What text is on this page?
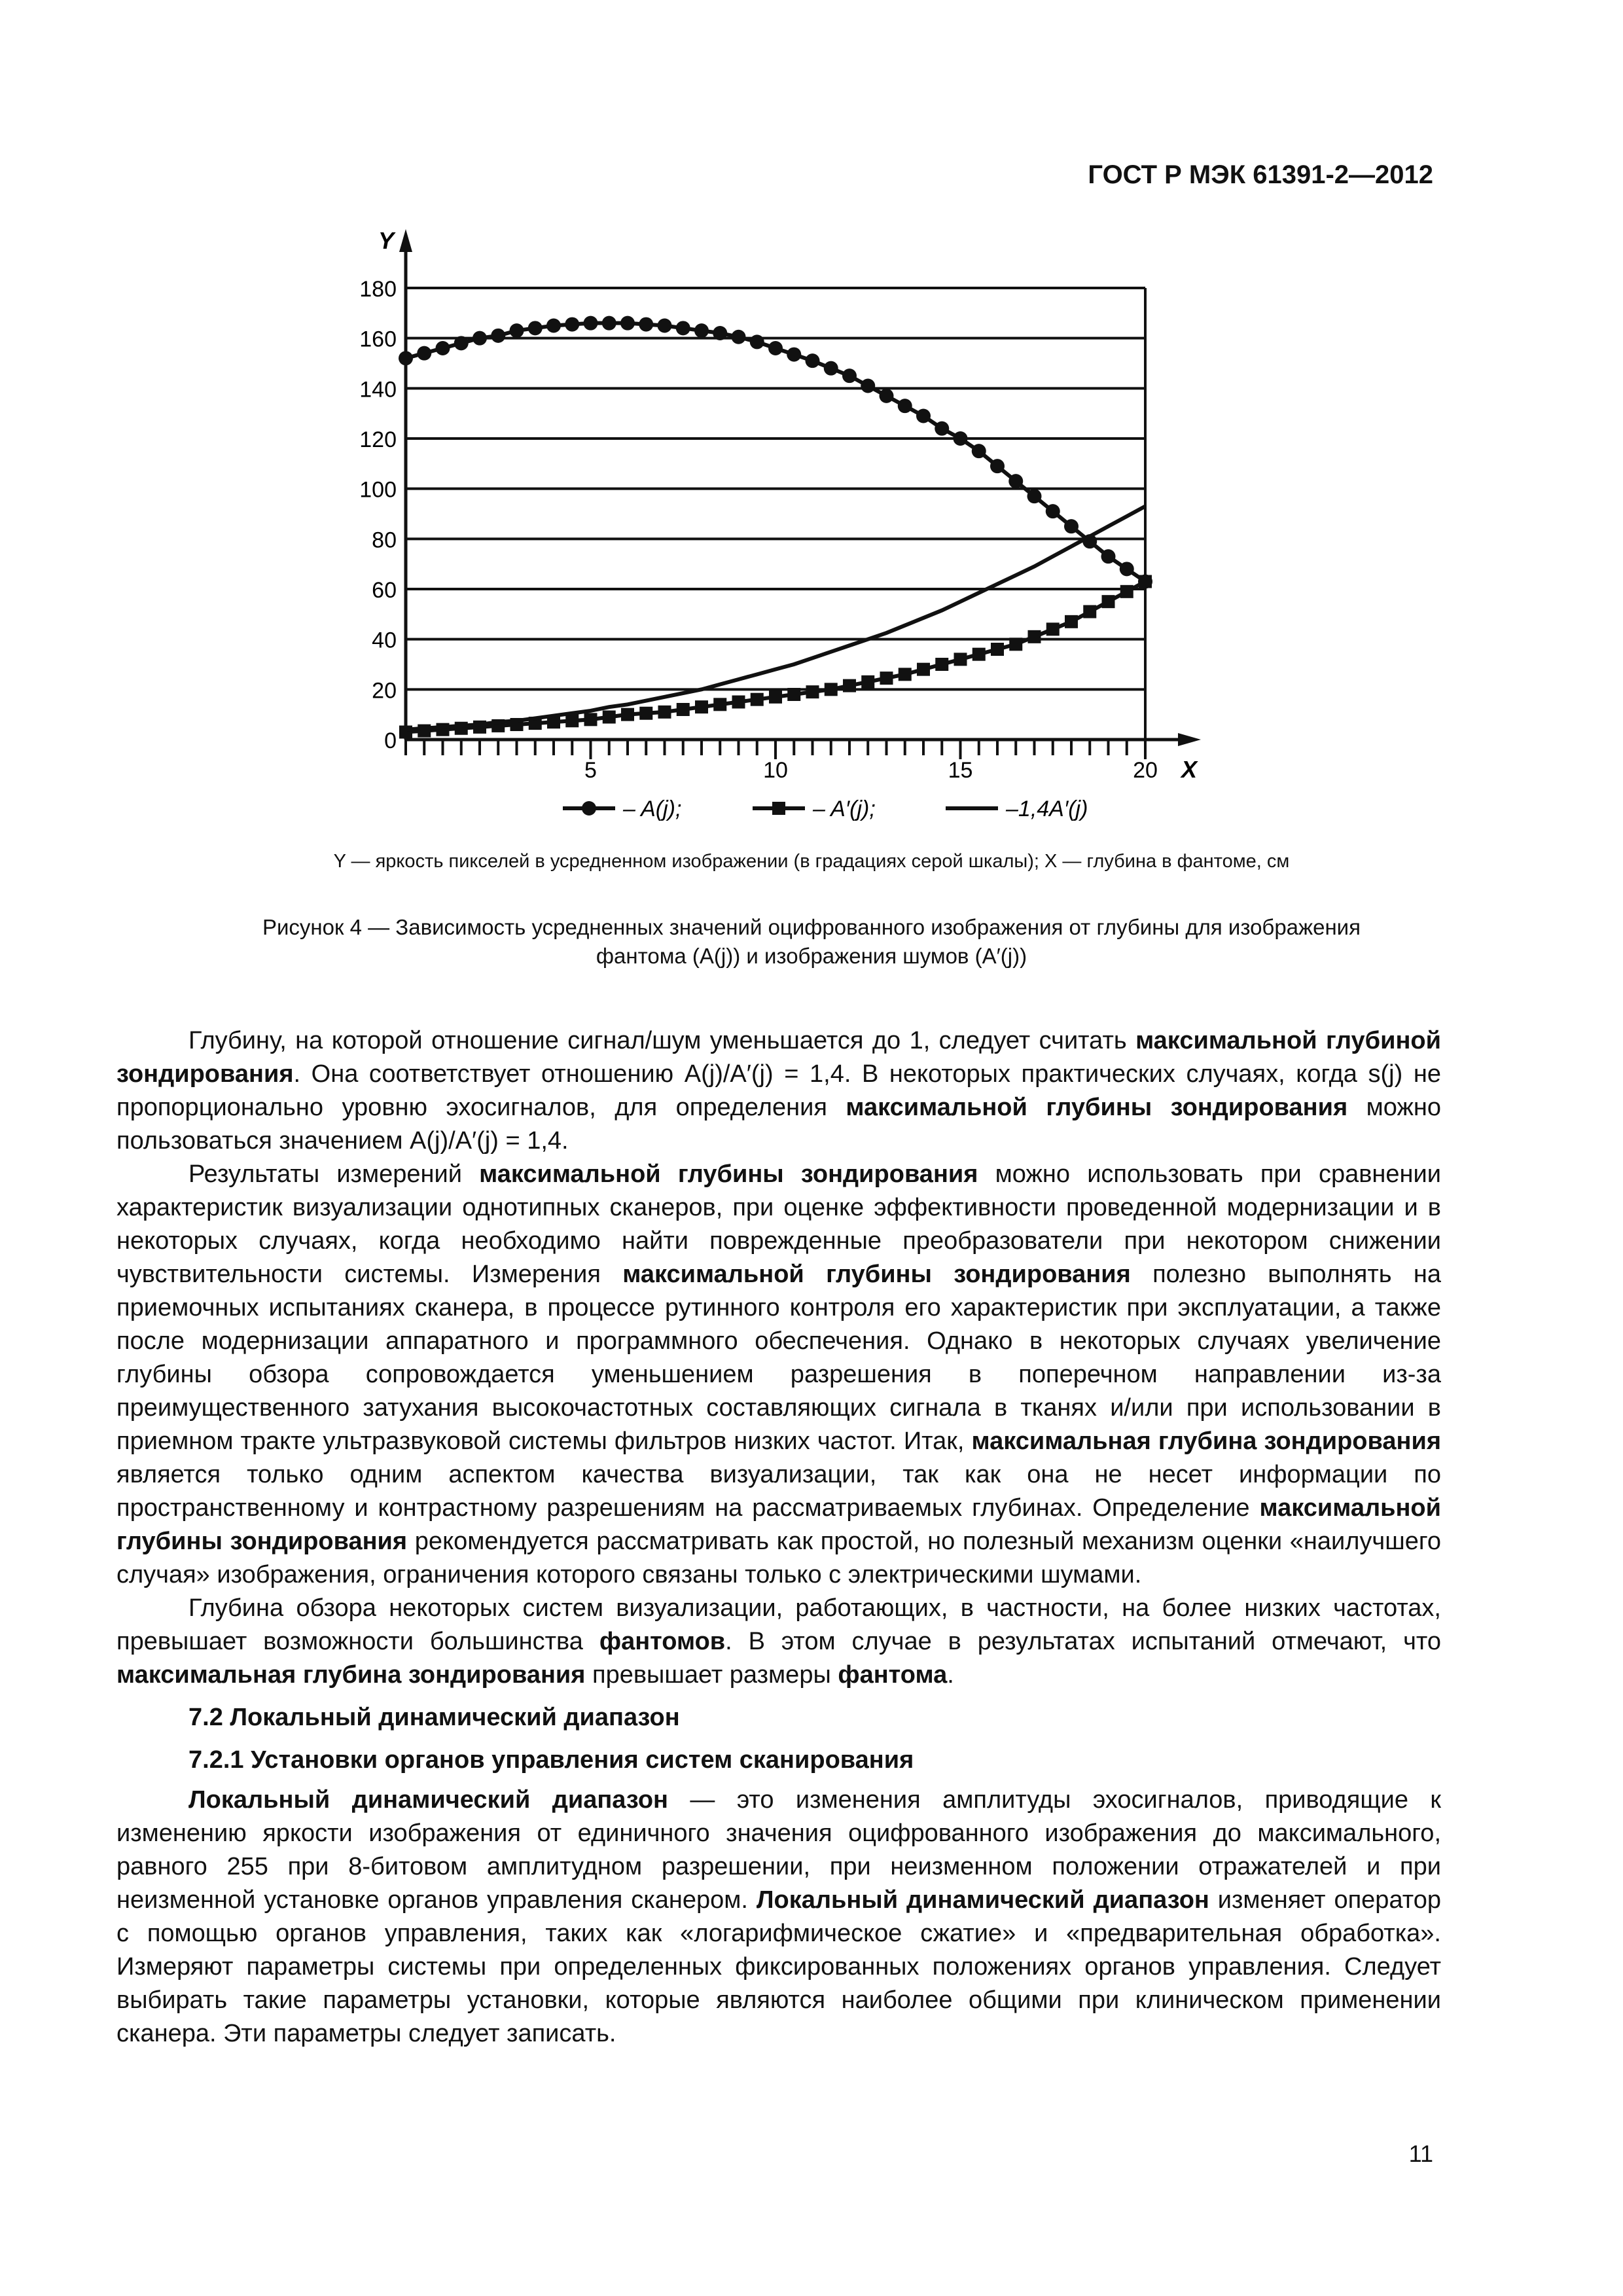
ГОСТ Р МЭК 61391-2—2012
Y
X
0
20
40
60
80
100
120
140
160
180
5	10	15	20
– A(j);	– A′(j);	–1,4A′(j)
Y — яркость пикселей в усредненном изображении (в градациях серой шкалы); X — глубина в фантоме, см
Рисунок 4 — Зависимость усредненных значений оцифрованного изображения от глубины для изображения
фантома (A(j)) и изображения шумов (A′(j))

Глубину, на которой отношение сигнал/шум уменьшается до 1, следует считать максимальной глубиной зондирования. Она соответствует отношению A(j)/A′(j) = 1,4. В некоторых практических случаях, когда s(j) не пропорционально уровню эхосигналов, для определения максимальной глубины зондирования можно пользоваться значением A(j)/A′(j) = 1,4.

Результаты измерений максимальной глубины зондирования можно использовать при сравнении характеристик визуализации однотипных сканеров, при оценке эффективности проведенной модернизации и в некоторых случаях, когда необходимо найти поврежденные преобразователи при некотором снижении чувствительности системы. Измерения максимальной глубины зондирования полезно выполнять на приемочных испытаниях сканера, в процессе рутинного контроля его характеристик при эксплуатации, а также после модернизации аппаратного и программного обеспечения. Однако в некоторых случаях увеличение глубины обзора сопровождается уменьшением разрешения в поперечном направлении из-за преимущественного затухания высокочастотных составляющих сигнала в тканях и/или при использовании в приемном тракте ультразвуковой системы фильтров низких частот. Итак, максимальная глубина зондирования является только одним аспектом качества визуализации, так как она не несет информации по пространственному и контрастному разрешениям на рассматриваемых глубинах. Определение максимальной глубины зондирования рекомендуется рассматривать как простой, но полезный механизм оценки «наилучшего случая» изображения, ограничения которого связаны только с электрическими шумами.

Глубина обзора некоторых систем визуализации, работающих, в частности, на более низких частотах, превышает возможности большинства фантомов. В этом случае в результатах испытаний отмечают, что максимальная глубина зондирования превышает размеры фантома.

7.2 Локальный динамический диапазон
7.2.1 Установки органов управления систем сканирования

Локальный динамический диапазон — это изменения амплитуды эхосигналов, приводящие к изменению яркости изображения от единичного значения оцифрованного изображения до максимального, равного 255 при 8-битовом амплитудном разрешении, при неизменном положении отражателей и при неизменной установке органов управления сканером. Локальный динамический диапазон изменяет оператор с помощью органов управления, таких как «логарифмическое сжатие» и «предварительная обработка». Измеряют параметры системы при определенных фиксированных положениях органов управления. Следует выбирать такие параметры установки, которые являются наиболее общими при клиническом применении сканера. Эти параметры следует записать.

11
